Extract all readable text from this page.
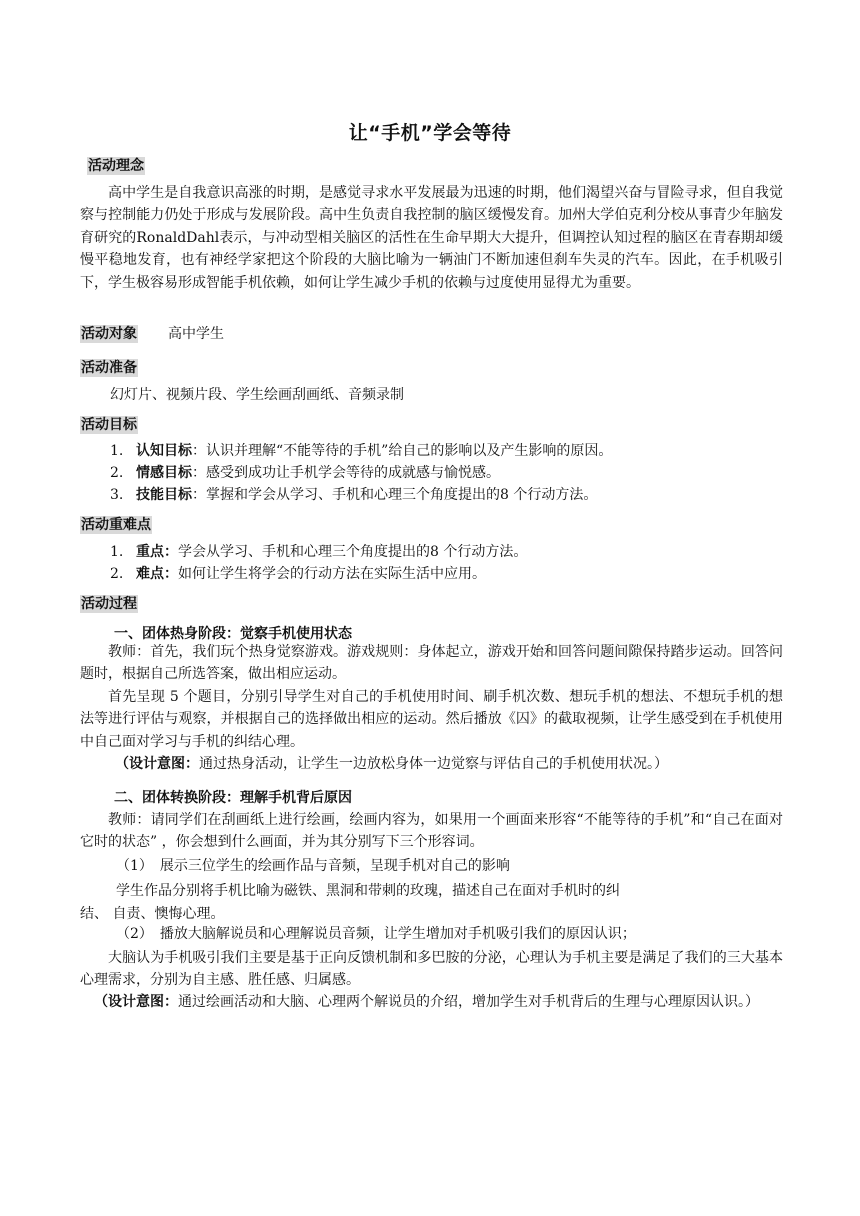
让“手机”学会等待
活动理念

高中学生是自我意识高涨的时期，是感觉寻求水平发展最为迅速的时期，他们渴望兴奋与冒险寻求，但自我觉察与控制能力仍处于形成与发展阶段。高中生负责自我控制的脑区缓慢发育。加州大学伯克利分校从事青少年脑发育研究的RonaldDahl表示，与冲动型相关脑区的活性在生命早期大大提升，但调控认知过程的脑区在青春期却缓慢平稳地发育，也有神经学家把这个阶段的大脑比喻为一辆油门不断加速但刹车失灵的汽车。因此，在手机吸引下，学生极容易形成智能手机依赖，如何让学生减少手机的依赖与过度使用显得尤为重要。

活动对象 高中学生
活动准备
幻灯片、视频片段、学生绘画刮画纸、音频录制
活动目标
1. 认知目标：认识并理解“不能等待的手机”给自己的影响以及产生影响的原因。
2. 情感目标：感受到成功让手机学会等待的成就感与愉悦感。
3. 技能目标：掌握和学会从学习、手机和心理三个角度提出的8 个行动方法。
活动重难点
1. 重点：学会从学习、手机和心理三个角度提出的8 个行动方法。
2. 难点：如何让学生将学会的行动方法在实际生活中应用。
活动过程
一、团体热身阶段：觉察手机使用状态

教师：首先，我们玩个热身觉察游戏。游戏规则：身体起立，游戏开始和回答问题间隙保持踏步运动。回答问题时，根据自己所选答案，做出相应运动。

首先呈现 5 个题目，分别引导学生对自己的手机使用时间、刷手机次数、想玩手机的想法、不想玩手机的想法等进行评估与观察，并根据自己的选择做出相应的运动。然后播放《囚》的截取视频，让学生感受到在手机使用中自己面对学习与手机的纠结心理。

（设计意图：通过热身活动，让学生一边放松身体一边觉察与评估自己的手机使用状况。）

二、团体转换阶段：理解手机背后原因

教师：请同学们在刮画纸上进行绘画，绘画内容为，如果用一个画面来形容“不能等待的手机”和“自己在面对它时的状态” ，你会想到什么画面，并为其分别写下三个形容词。

（1）　展示三位学生的绘画作品与音频，呈现手机对自己的影响
学生作品分别将手机比喻为磁铁、黑洞和带刺的玫瑰，描述自己在面对手机时的纠
结、 自责、懊悔心理。
（2）　播放大脑解说员和心理解说员音频，让学生增加对手机吸引我们的原因认识；

大脑认为手机吸引我们主要是基于正向反馈机制和多巴胺的分泌，心理认为手机主要是满足了我们的三大基本心理需求，分别为自主感、胜任感、归属感。

（设计意图：通过绘画活动和大脑、心理两个解说员的介绍，增加学生对手机背后的生理与心理原因认识。）
